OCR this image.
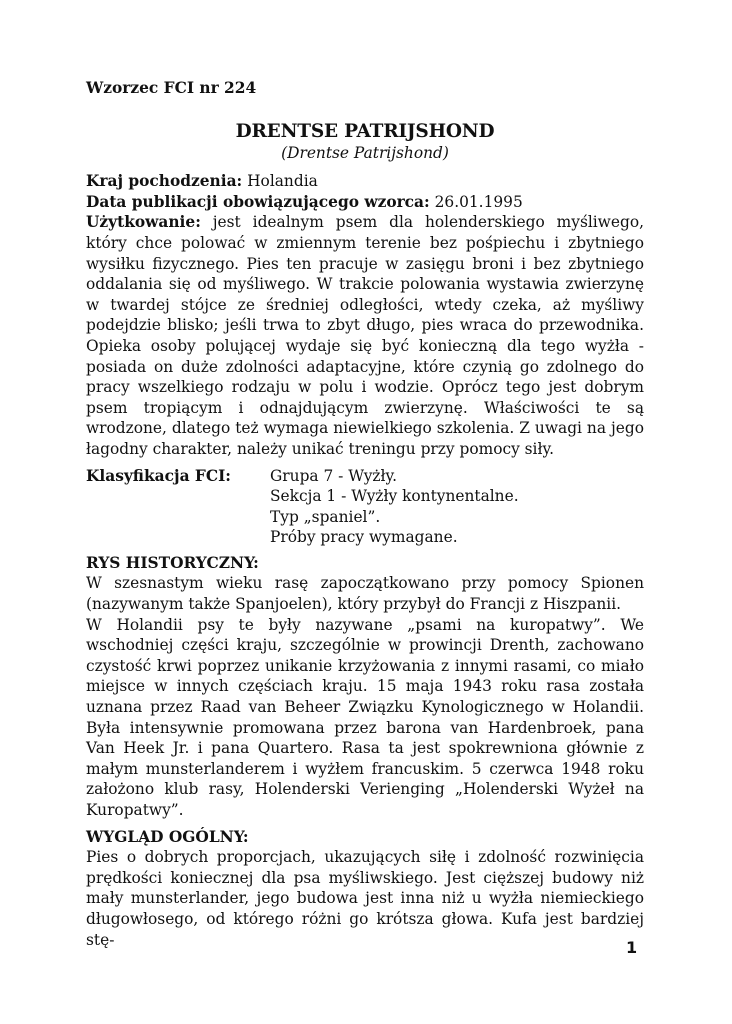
Wzorzec FCI nr 224
DRENTSE PATRIJSHOND
(Drentse Patrijshond)

Kraj pochodzenia: Holandia

Data publikacji obowiązującego wzorca: 26.01.1995

Użytkowanie: jest idealnym psem dla holenderskiego myśliwego, który chce polować w zmiennym terenie bez pośpiechu i zbytniego wysiłku fizycznego. Pies ten pracuje w zasięgu broni i bez zbytniego oddalania się od myśliwego. W trakcie polowania wystawia zwierzynę w twardej stójce ze średniej odległości, wtedy czeka, aż myśliwy podejdzie blisko; jeśli trwa to zbyt długo, pies wraca do przewodnika. Opieka osoby polującej wydaje się być konieczną dla tego wyżła - posiada on duże zdolności adaptacyjne, które czynią go zdolnego do pracy wszelkiego rodzaju w polu i wodzie. Oprócz tego jest dobrym psem tropiącym i odnajdującym zwierzynę. Właściwości te są wrodzone, dlatego też wymaga niewielkiego szkolenia. Z uwagi na jego łagodny charakter, należy unikać treningu przy pomocy siły.

Klasyfikacja FCI:	Grupa 7 - Wyżły.
Sekcja 1 - Wyżły kontynentalne.
Typ „spaniel”.
Próby pracy wymagane.
RYS HISTORYCZNY:

W szesnastym wieku rasę zapoczątkowano przy pomocy Spionen (nazywanym także Spanjoelen), który przybył do Francji z Hiszpanii.

W Holandii psy te były nazywane „psami na kuropatwy”. We wschodniej części kraju, szczególnie w prowincji Drenth, zachowano czystość krwi poprzez unikanie krzyżowania z innymi rasami, co miało miejsce w innych częściach kraju. 15 maja 1943 roku rasa została uznana przez Raad van Beheer Związku Kynologicznego w Holandii. Była intensywnie promowana przez barona van Hardenbroek, pana Van Heek Jr. i pana Quartero. Rasa ta jest spokrewniona głównie z małym munsterlanderem i wyżłem francuskim. 5 czerwca 1948 roku założono klub rasy, Holenderski Verienging „Holenderski Wyżeł na Kuropatwy”.

WYGLĄD OGÓLNY:

Pies o dobrych proporcjach, ukazujących siłę i zdolność rozwinięcia prędkości koniecznej dla psa myśliwskiego. Jest cięższej budowy niż mały munsterlander, jego budowa jest inna niż u wyżła niemieckiego długowłosego, od którego różni go krótsza głowa. Kufa jest bardziej stę-	1
